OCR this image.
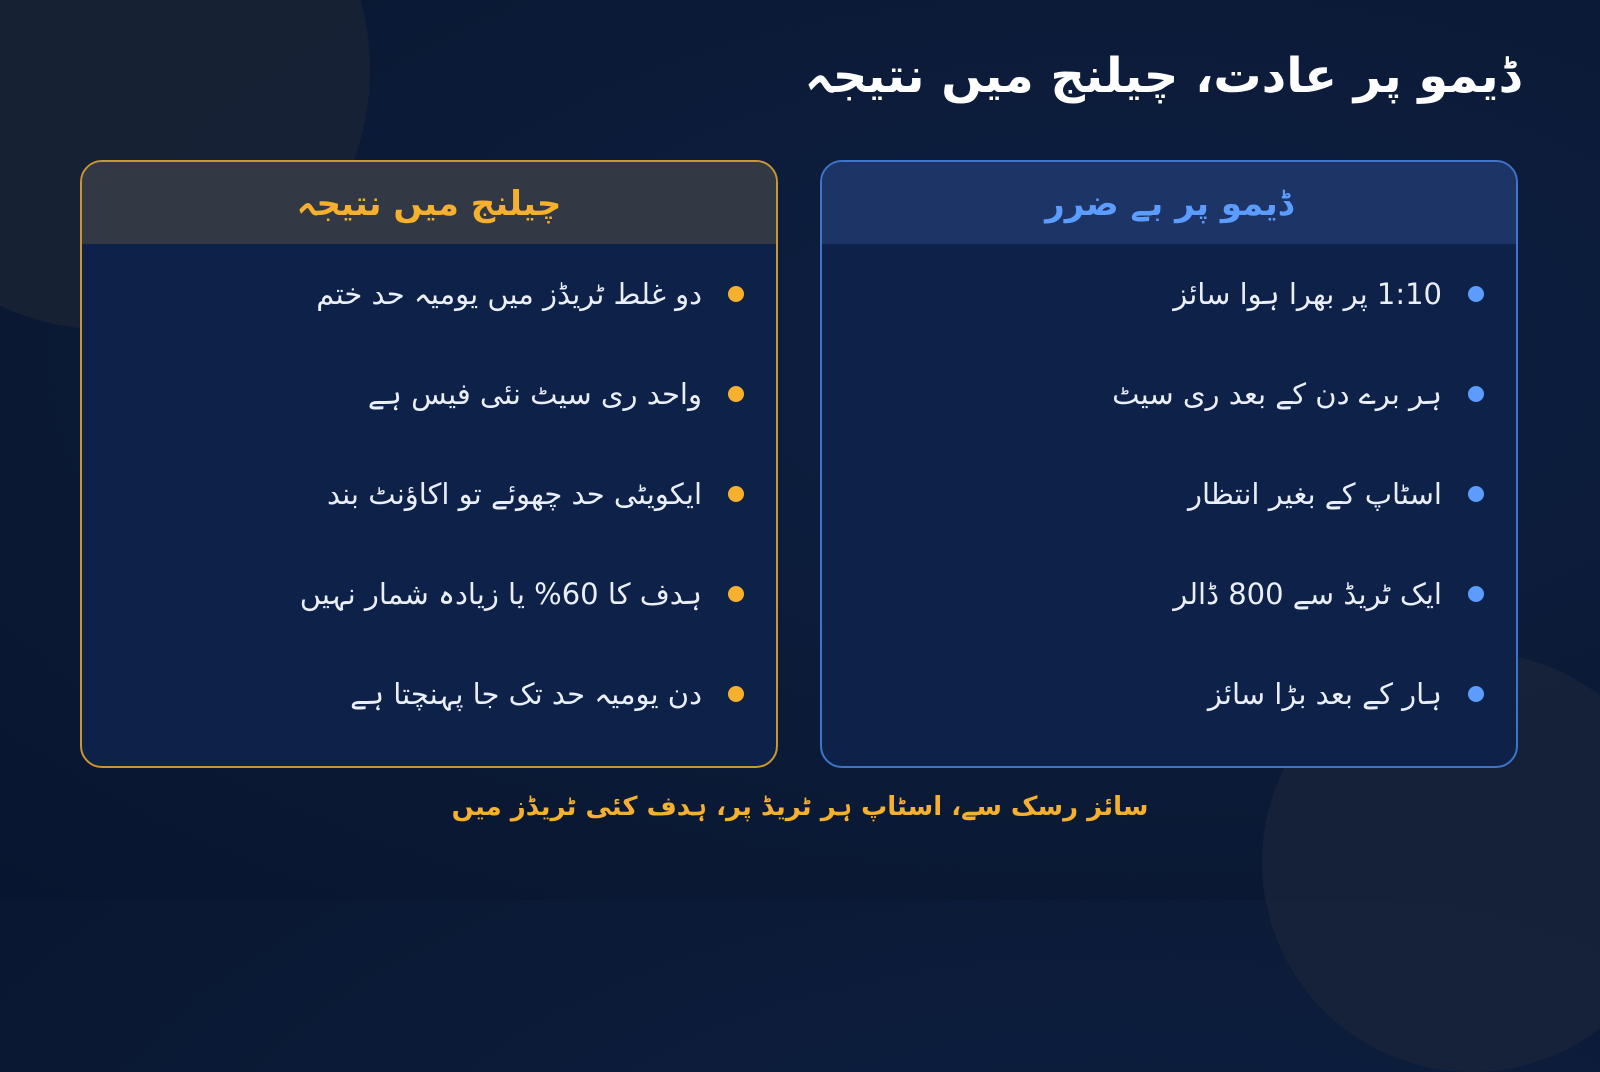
ڈیمو پر عادت، چیلنج میں نتیجہ
ڈیمو پر بے ضرر
1:10 پر بھرا ہوا سائز
ہر برے دن کے بعد ری سیٹ
اسٹاپ کے بغیر انتظار
ایک ٹریڈ سے 800 ڈالر
ہار کے بعد بڑا سائز
چیلنج میں نتیجہ
دو غلط ٹریڈز میں یومیہ حد ختم
واحد ری سیٹ نئی فیس ہے
ایکویٹی حد چھوئے تو اکاؤنٹ بند
ہدف کا 60% یا زیادہ شمار نہیں
دن یومیہ حد تک جا پہنچتا ہے
سائز رسک سے، اسٹاپ ہر ٹریڈ پر، ہدف کئی ٹریڈز میں
